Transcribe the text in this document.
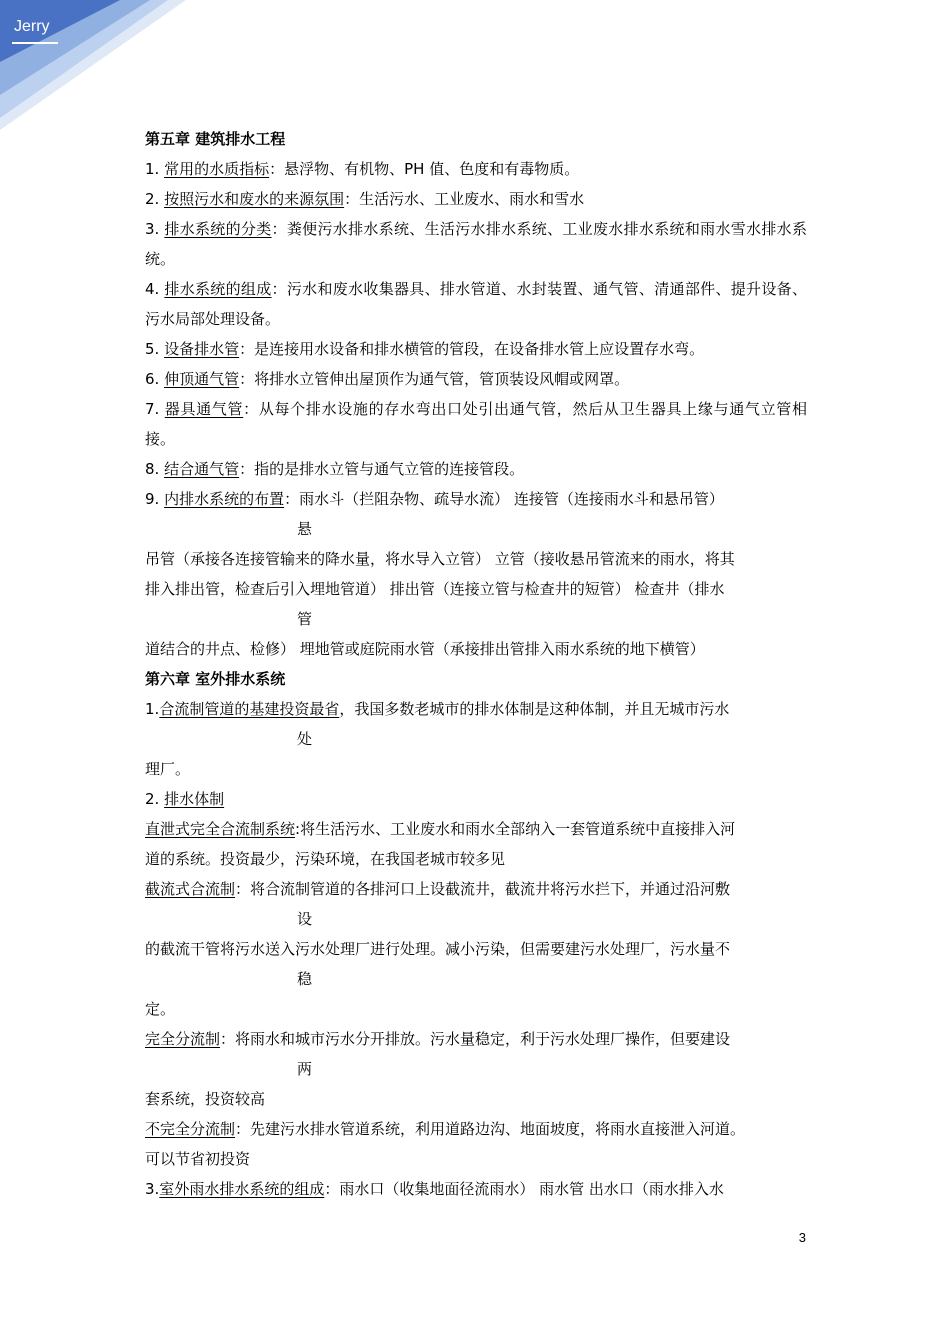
Jerry
第五章 建筑排水工程
1. 常用的水质指标：悬浮物、有机物、PH 值、色度和有毒物质。
2. 按照污水和废水的来源氛围：生活污水、工业废水、雨水和雪水
3. 排水系统的分类：粪便污水排水系统、生活污水排水系统、工业废水排水系统和雨水雪水排水系统。
4. 排水系统的组成：污水和废水收集器具、排水管道、水封装置、通气管、清通部件、提升设备、污水局部处理设备。
5. 设备排水管：是连接用水设备和排水横管的管段，在设备排水管上应设置存水弯。
6. 伸顶通气管：将排水立管伸出屋顶作为通气管，管顶装设风帽或网罩。
7. 器具通气管：从每个排水设施的存水弯出口处引出通气管，然后从卫生器具上缘与通气立管相接。
8. 结合通气管：指的是排水立管与通气立管的连接管段。
9. 内排水系统的布置：雨水斗（拦阻杂物、疏导水流） 连接管（连接雨水斗和悬吊管）
悬
吊管（承接各连接管输来的降水量，将水导入立管） 立管（接收悬吊管流来的雨水，将其
排入排出管，检查后引入埋地管道） 排出管（连接立管与检查井的短管） 检查井（排水
管
道结合的井点、检修） 埋地管或庭院雨水管（承接排出管排入雨水系统的地下横管）
第六章 室外排水系统
1.合流制管道的基建投资最省，我国多数老城市的排水体制是这种体制，并且无城市污水
处
理厂。
2. 排水体制
直泄式完全合流制系统:将生活污水、工业废水和雨水全部纳入一套管道系统中直接排入河
道的系统。投资最少，污染环境，在我国老城市较多见
截流式合流制：将合流制管道的各排河口上设截流井，截流井将污水拦下，并通过沿河敷
设
的截流干管将污水送入污水处理厂进行处理。减小污染，但需要建污水处理厂，污水量不
稳
定。
完全分流制：将雨水和城市污水分开排放。污水量稳定，利于污水处理厂操作，但要建设
两
套系统，投资较高
不完全分流制：先建污水排水管道系统，利用道路边沟、地面坡度，将雨水直接泄入河道。
可以节省初投资
3.室外雨水排水系统的组成：雨水口（收集地面径流雨水） 雨水管 出水口（雨水排入水
3
